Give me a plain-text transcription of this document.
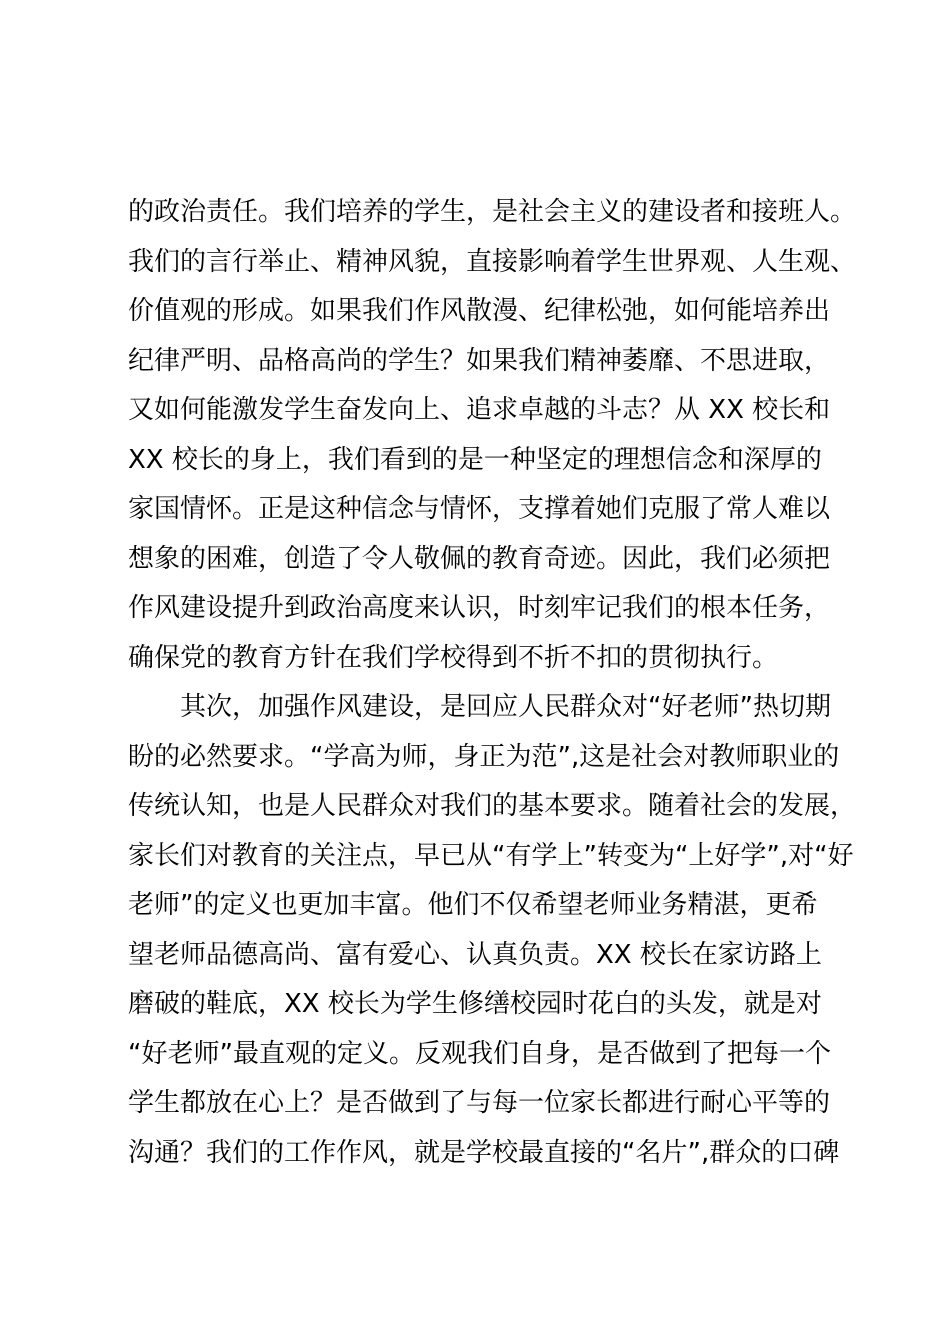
的政治责任。我们培养的学生，是社会主义的建设者和接班人。
我们的言行举止、精神风貌，直接影响着学生世界观、人生观、
价值观的形成。如果我们作风散漫、纪律松弛，如何能培养出
纪律严明、品格高尚的学生？如果我们精神萎靡、不思进取，
又如何能激发学生奋发向上、追求卓越的斗志？从 XX 校长和
XX 校长的身上，我们看到的是一种坚定的理想信念和深厚的
家国情怀。正是这种信念与情怀，支撑着她们克服了常人难以
想象的困难，创造了令人敬佩的教育奇迹。因此，我们必须把
作风建设提升到政治高度来认识，时刻牢记我们的根本任务，
确保党的教育方针在我们学校得到不折不扣的贯彻执行。
其次，加强作风建设，是回应人民群众对“好老师”热切期
盼的必然要求。“学高为师，身正为范”,这是社会对教师职业的
传统认知，也是人民群众对我们的基本要求。随着社会的发展，
家长们对教育的关注点，早已从“有学上”转变为“上好学”,对“好
老师”的定义也更加丰富。他们不仅希望老师业务精湛，更希
望老师品德高尚、富有爱心、认真负责。XX 校长在家访路上
磨破的鞋底，XX 校长为学生修缮校园时花白的头发，就是对
“好老师”最直观的定义。反观我们自身，是否做到了把每一个
学生都放在心上？是否做到了与每一位家长都进行耐心平等的
沟通？我们的工作作风，就是学校最直接的“名片”,群众的口碑
